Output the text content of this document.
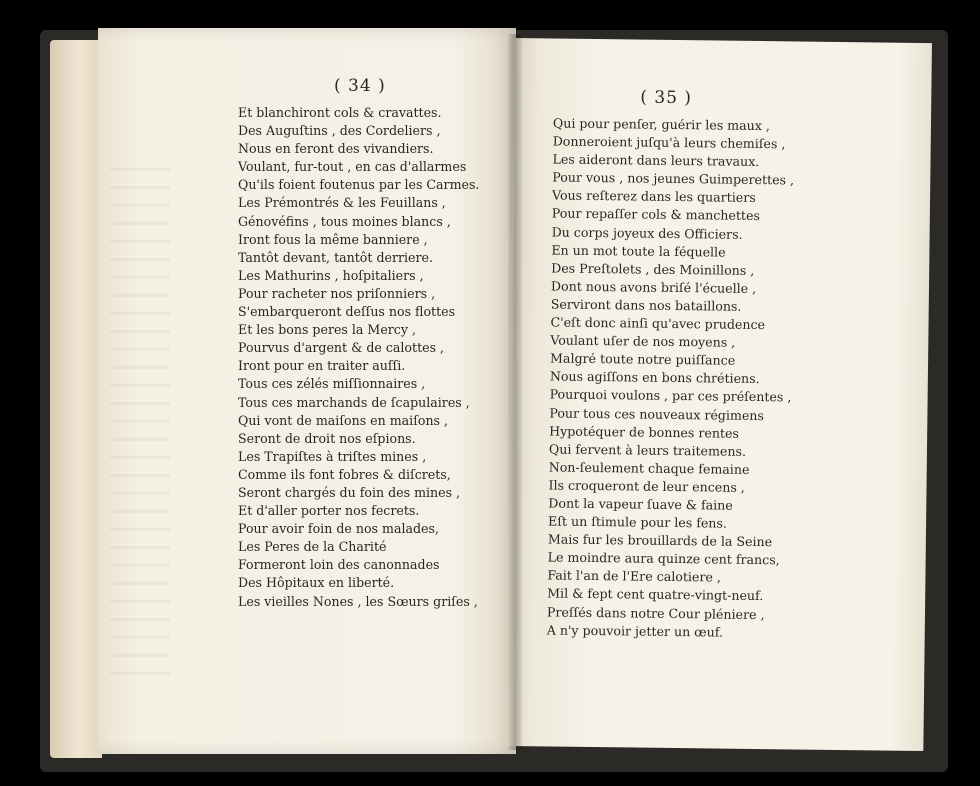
( 34 )
Et blanchiront cols & cravattes.
Des Auguſtins , des Cordeliers ,
Nous en feront des vivandiers.
Voulant, fur-tout , en cas d'allarmes
Qu'ils foient foutenus par les Carmes.
Les Prémontrés & les Feuillans ,
Génovéfins , tous moines blancs ,
Iront fous la même banniere ,
Tantôt devant, tantôt derriere.
Les Mathurins , hoſpitaliers ,
Pour racheter nos priſonniers ,
S'embarqueront deſſus nos flottes
Et les bons peres la Mercy ,
Pourvus d'argent & de calottes ,
Iront pour en traiter auſſi.
Tous ces zélés miſſionnaires ,
Tous ces marchands de ſcapulaires ,
Qui vont de maiſons en maiſons ,
Seront de droit nos eſpions.
Les Trapiſtes à triſtes mines ,
Comme ils font fobres & diſcrets,
Seront chargés du foin des mines ,
Et d'aller porter nos fecrets.
Pour avoir foin de nos malades,
Les Peres de la Charité
Formeront loin des canonnades
Des Hôpitaux en liberté.
Les vieilles Nones , les Sœurs griſes ,
( 35 )
Qui pour penſer, guérir les maux ,
Donneroient juſqu'à leurs chemiſes ,
Les aideront dans leurs travaux.
Pour vous , nos jeunes Guimperettes ,
Vous reſterez dans les quartiers
Pour repaſſer cols & manchettes
Du corps joyeux des Officiers.
En un mot toute la féquelle
Des Preſtolets , des Moinillons ,
Dont nous avons briſé l'écuelle ,
Serviront dans nos bataillons.
C'eſt donc ainſi qu'avec prudence
Voulant uſer de nos moyens ,
Malgré toute notre puiſſance
Nous agiſſons en bons chrétiens.
Pourquoi voulons , par ces préſentes ,
Pour tous ces nouveaux régimens
Hypotéquer de bonnes rentes
Qui fervent à leurs traitemens.
Non-ſeulement chaque femaine
Ils croqueront de leur encens ,
Dont la vapeur ſuave & faine
Eſt un ſtimule pour les fens.
Mais fur les brouillards de la Seine
Le moindre aura quinze cent francs,
Fait l'an de l'Ere calotiere ,
Mil & fept cent quatre-vingt-neuf.
Preſſés dans notre Cour pléniere ,
A n'y pouvoir jetter un œuf.
